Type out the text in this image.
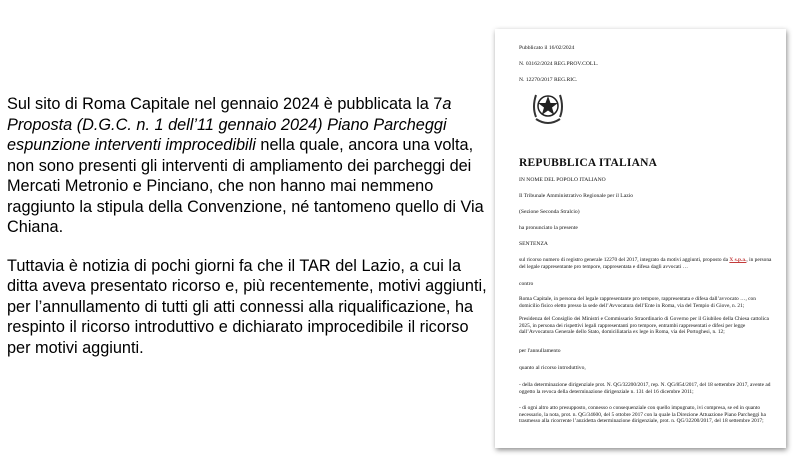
Sul sito di Roma Capitale nel gennaio 2024 è pubblicata la 7a Proposta (D.G.C. n. 1 dell’11 gennaio 2024) Piano Parcheggi espunzione interventi improcedibili nella quale, ancora una volta, non sono presenti gli interventi di ampliamento dei parcheggi dei Mercati Metronio e Pinciano, che non hanno mai nemmeno raggiunto la stipula della Convenzione, né tantomeno quello di Via Chiana.

Tuttavia è notizia di pochi giorni fa che il TAR del Lazio, a cui la ditta aveva presentato ricorso e, più recentemente, motivi aggiunti, per l’annullamento di tutti gli atti connessi alla riqualificazione, ha respinto il ricorso introduttivo e dichiarato improcedibile il ricorso per motivi aggiunti.

Pubblicato il 16/02/2024
N. 03162/2024 REG.PROV.COLL.
N. 12270/2017 REG.RIC.
REPUBBLICA ITALIANA
IN NOME DEL POPOLO ITALIANO
Il Tribunale Amministrativo Regionale per il Lazio
(Sezione Seconda Stralcio)
ha pronunciato la presente
SENTENZA
sul ricorso numero di registro generale 12270 del 2017, integrato da motivi aggiunti, proposto da X s.p.a., in persona del legale rappresentante pro tempore, rappresentata e difesa dagli avvocati …
contro
Roma Capitale, in persona del legale rappresentante pro tempore, rappresentata e difesa dall’avvocato …, con domicilio fisico eletto presso la sede dell’Avvocatura dell’Ente in Roma, via del Tempio di Giove, n. 21;
Presidenza del Consiglio dei Ministri e Commissario Straordinario di Governo per il Giubileo della Chiesa cattolica 2025, in persona dei rispettivi legali rappresentanti pro tempore, entrambi rappresentati e difesi per legge dall’Avvocatura Generale dello Stato, domiciliataria ex lege in Roma, via dei Portoghesi, n. 12;
per l'annullamento
quanto al ricorso introduttivo,
- della determinazione dirigenziale prot. N. QG/32200/2017, rep. N. QG/854/2017, del 18 settembre 2017, avente ad oggetto la revoca della determinazione dirigenziale n. 131 del 16 dicembre 2011;
- di ogni altro atto presupposto, connesso o consequenziale con quello impugnato, ivi compresa, se ed in quanto necessario, la nota, prot. n. QG/34600, del 5 ottobre 2017 con la quale la Direzione Attuazione Piano Parcheggi ha trasmesso alla ricorrente l’anzidetta determinazione dirigenziale, prot. n. QG/32200/2017, del 18 settembre 2017;
